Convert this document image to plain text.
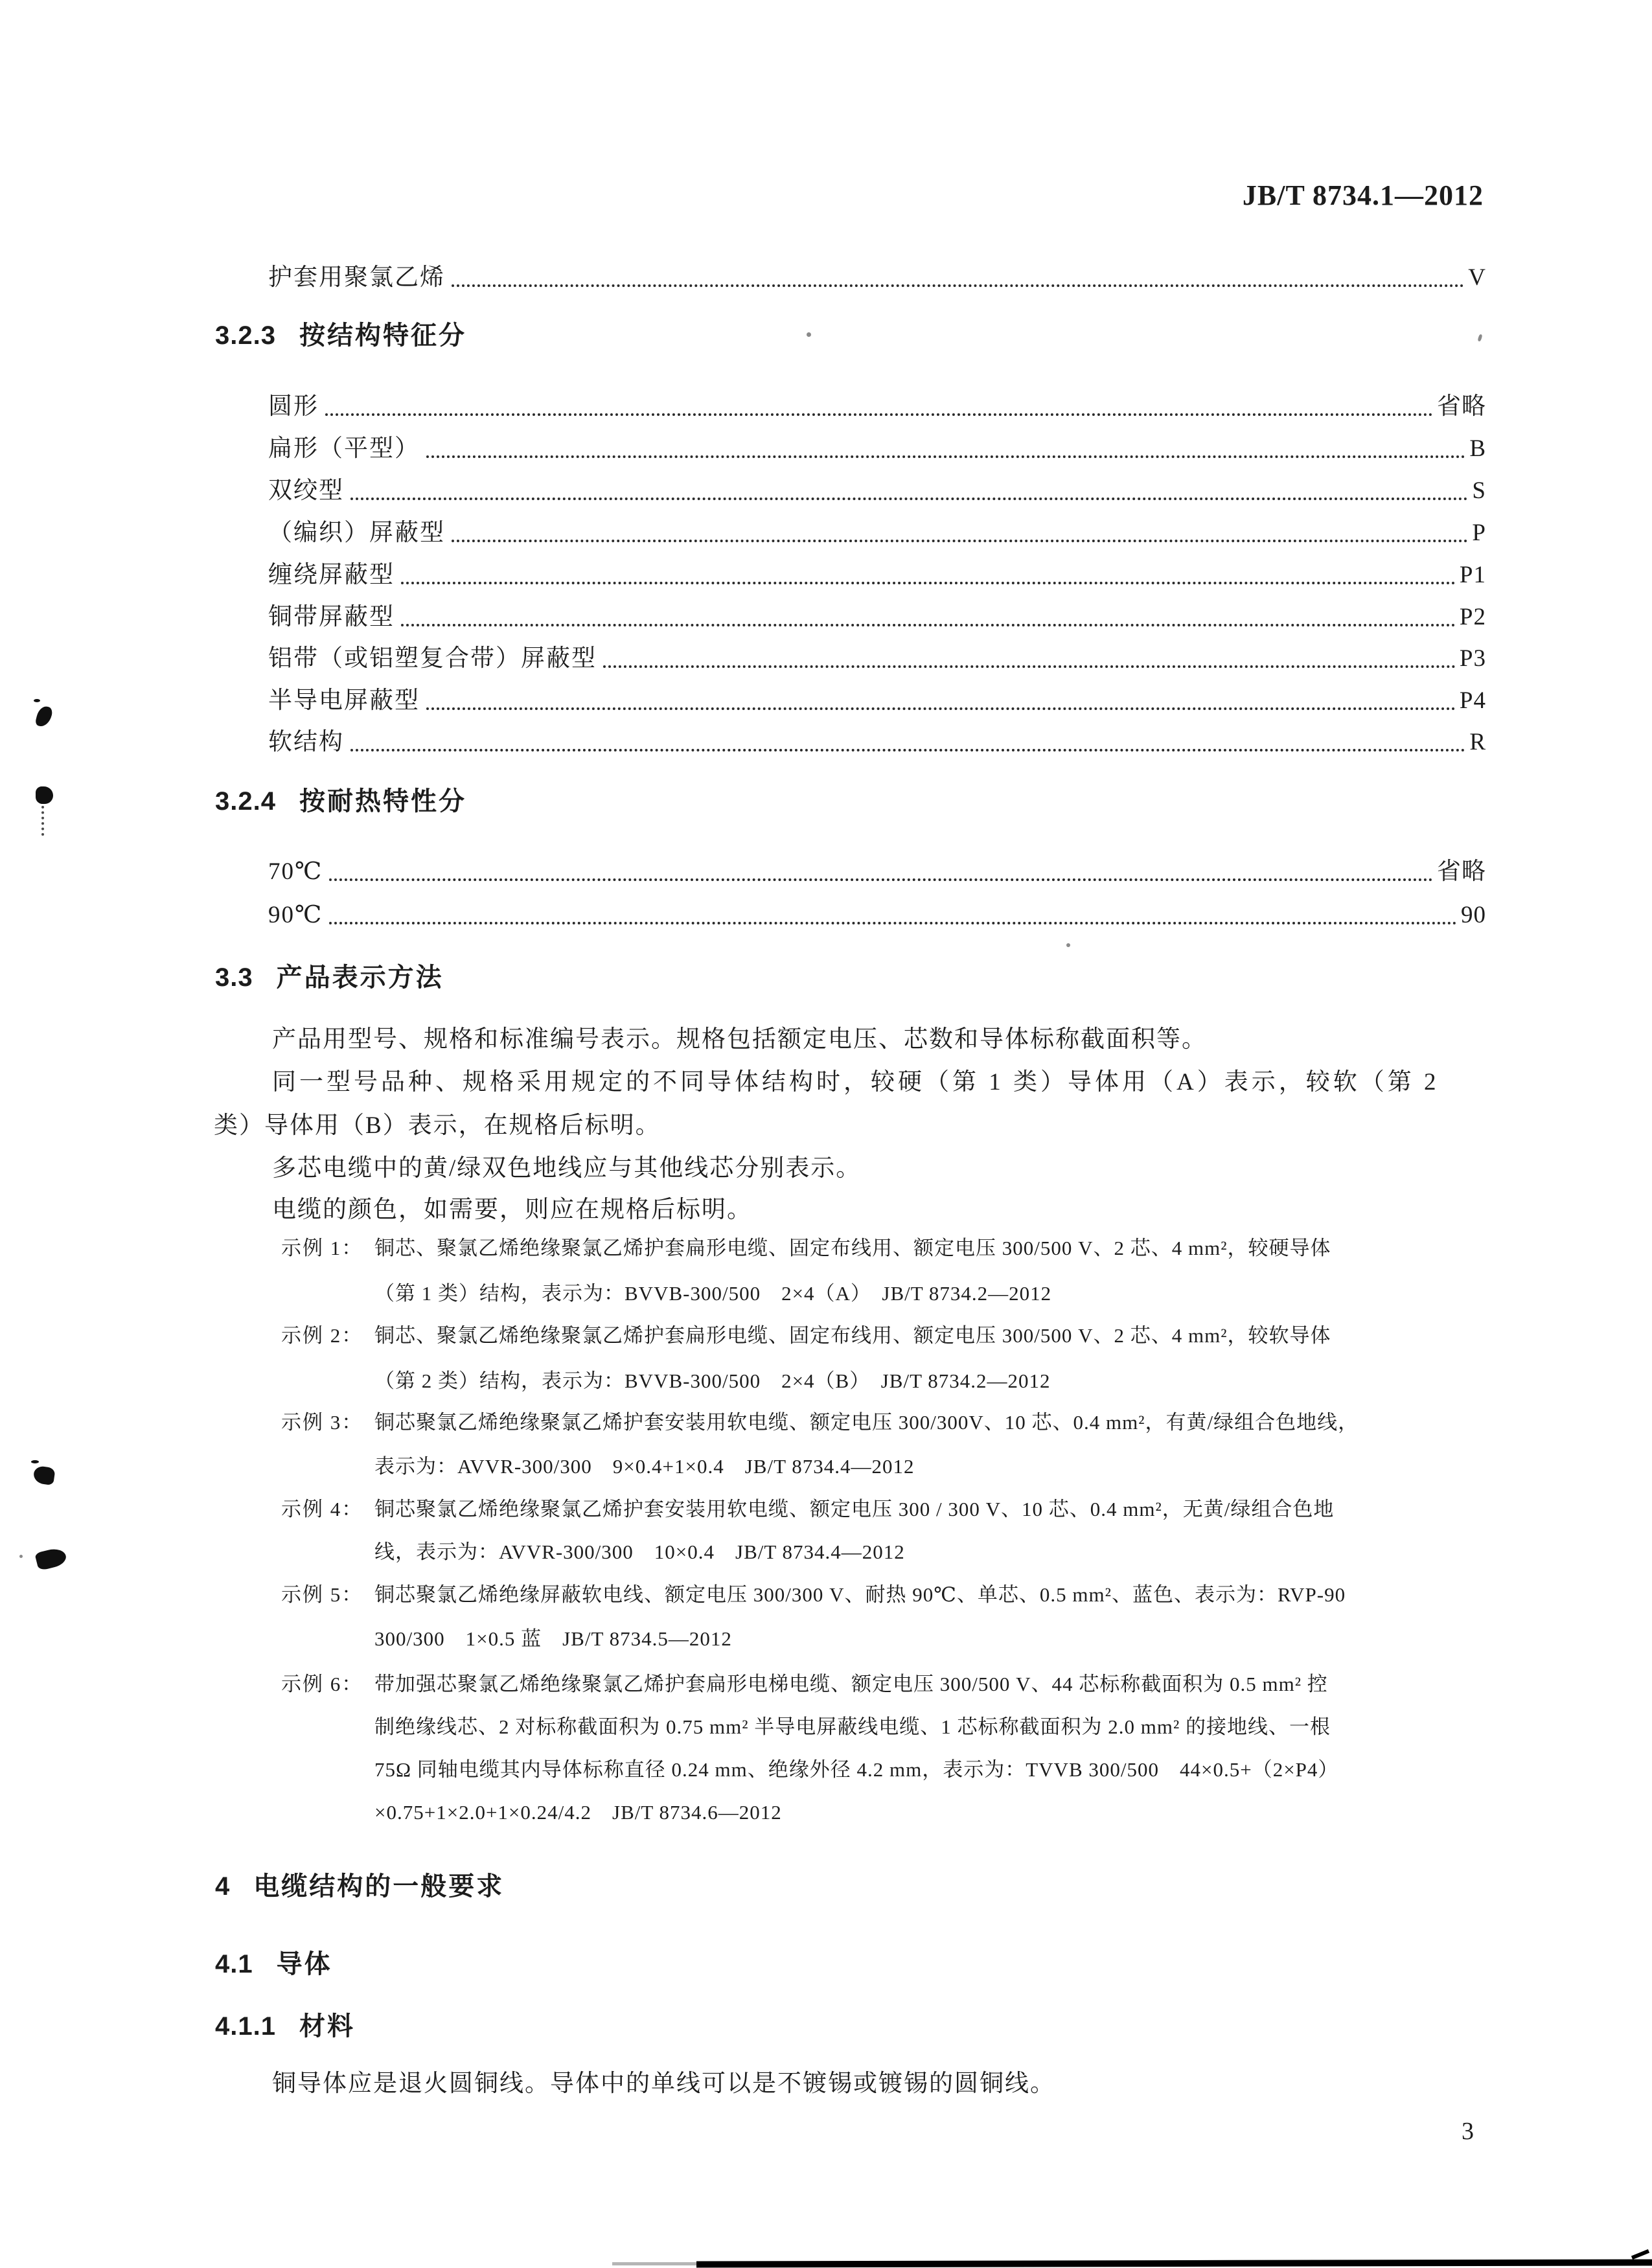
JB/T 8734.1—2012
护套用聚氯乙烯	V
3.2.3 按结构特征分
圆形	省略
扁形（平型）	B
双绞型	S
（编织）屏蔽型	P
缠绕屏蔽型	P1
铜带屏蔽型	P2
铝带（或铝塑复合带）屏蔽型	P3
半导电屏蔽型	P4
软结构	R
3.2.4 按耐热特性分
70℃	省略
90℃	90
3.3 产品表示方法
产品用型号、规格和标准编号表示。规格包括额定电压、芯数和导体标称截面积等。
同一型号品种、规格采用规定的不同导体结构时，较硬（第 1 类）导体用（A）表示，较软（第 2
类）导体用（B）表示，在规格后标明。
多芯电缆中的黄/绿双色地线应与其他线芯分别表示。
电缆的颜色，如需要，则应在规格后标明。
示例 1： 铜芯、聚氯乙烯绝缘聚氯乙烯护套扁形电缆、固定布线用、额定电压 300/500 V、2 芯、4 mm²，较硬导体
（第 1 类）结构，表示为：BVVB-300/500　2×4（A）　JB/T 8734.2—2012
示例 2： 铜芯、聚氯乙烯绝缘聚氯乙烯护套扁形电缆、固定布线用、额定电压 300/500 V、2 芯、4 mm²，较软导体
（第 2 类）结构，表示为：BVVB-300/500　2×4（B）　JB/T 8734.2—2012
示例 3： 铜芯聚氯乙烯绝缘聚氯乙烯护套安装用软电缆、额定电压 300/300V、10 芯、0.4 mm²，有黄/绿组合色地线，
表示为：AVVR-300/300　9×0.4+1×0.4　JB/T 8734.4—2012
示例 4： 铜芯聚氯乙烯绝缘聚氯乙烯护套安装用软电缆、额定电压 300 / 300 V、10 芯、0.4 mm²，无黄/绿组合色地
线，表示为：AVVR-300/300　10×0.4　JB/T 8734.4—2012
示例 5： 铜芯聚氯乙烯绝缘屏蔽软电线、额定电压 300/300 V、耐热 90℃、单芯、0.5 mm²、蓝色、表示为：RVP-90
300/300　1×0.5 蓝　JB/T 8734.5—2012
示例 6： 带加强芯聚氯乙烯绝缘聚氯乙烯护套扁形电梯电缆、额定电压 300/500 V、44 芯标称截面积为 0.5 mm² 控
制绝缘线芯、2 对标称截面积为 0.75 mm² 半导电屏蔽线电缆、1 芯标称截面积为 2.0 mm² 的接地线、一根
75Ω 同轴电缆其内导体标称直径 0.24 mm、绝缘外径 4.2 mm，表示为：TVVB 300/500　44×0.5+（2×P4）
×0.75+1×2.0+1×0.24/4.2　JB/T 8734.6—2012
4 电缆结构的一般要求
4.1 导体
4.1.1 材料
铜导体应是退火圆铜线。导体中的单线可以是不镀锡或镀锡的圆铜线。
3
